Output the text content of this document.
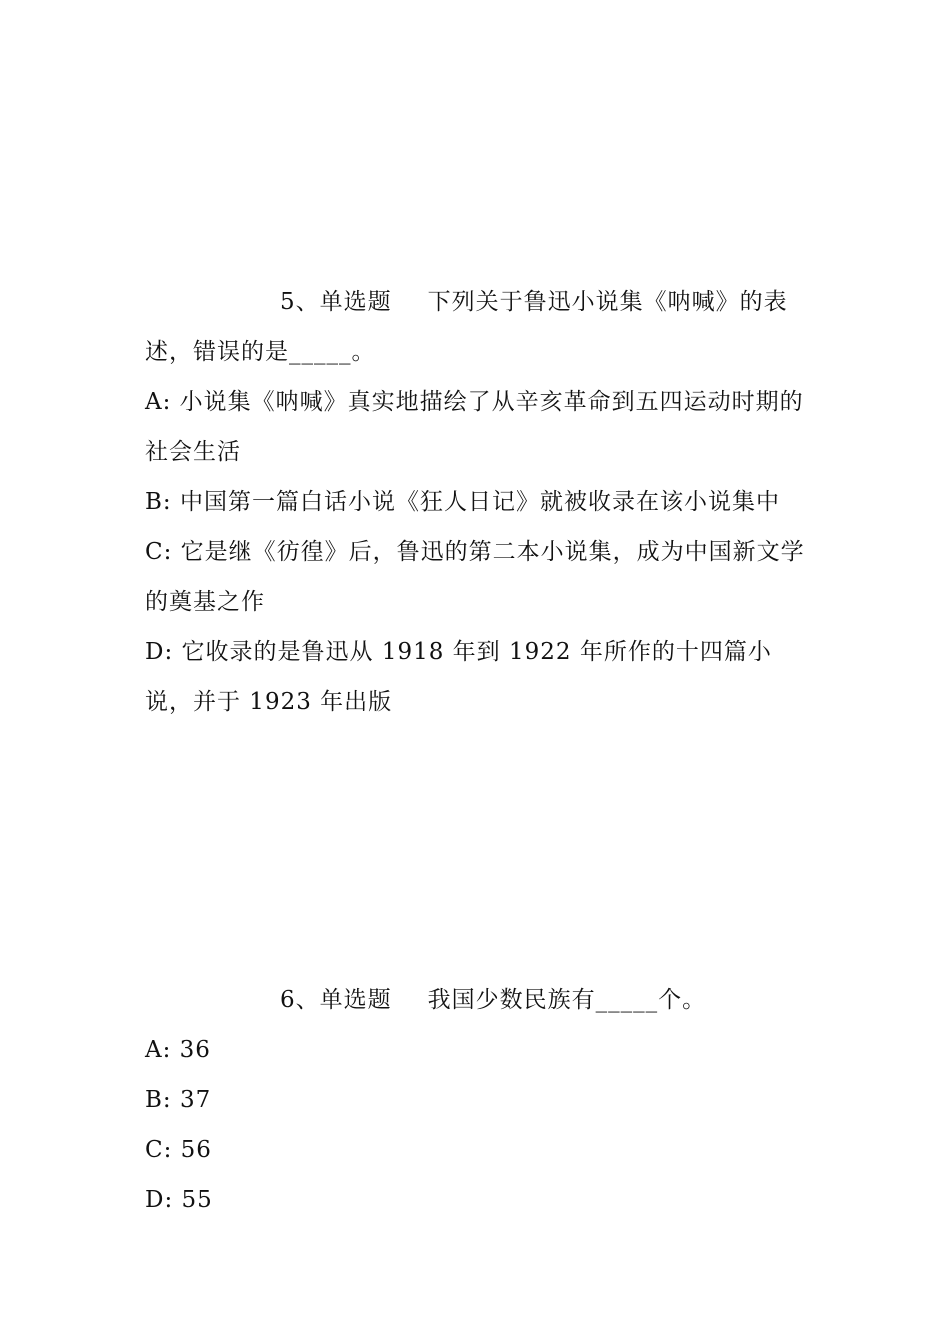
5、单选题 下列关于鲁迅小说集《呐喊》的表

述，错误的是_____。

A: 小说集《呐喊》真实地描绘了从辛亥革命到五四运动时期的社会生活

B: 中国第一篇白话小说《狂人日记》就被收录在该小说集中

C: 它是继《彷徨》后，鲁迅的第二本小说集，成为中国新文学的奠基之作

D: 它收录的是鲁迅从 1918 年到 1922 年所作的十四篇小说，并于 1923 年出版

6、单选题 我国少数民族有_____个。

A: 36

B: 37

C: 56

D: 55
